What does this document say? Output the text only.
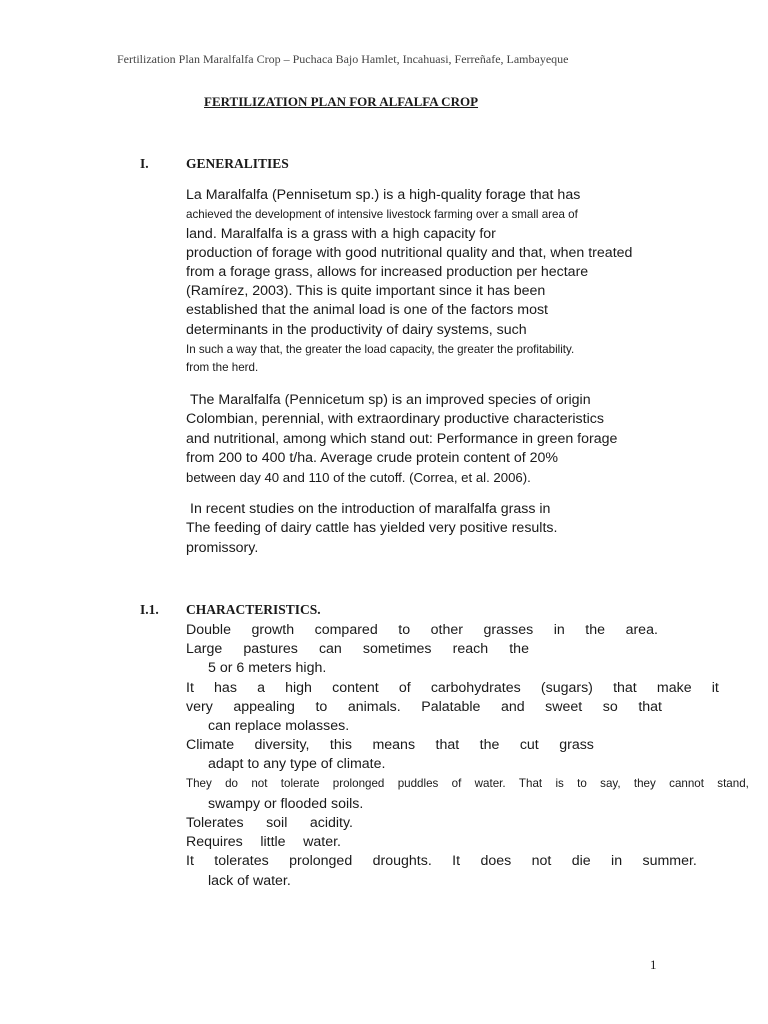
Fertilization Plan Maralfalfa Crop – Puchaca Bajo Hamlet, Incahuasi, Ferreñafe, Lambayeque
FERTILIZATION PLAN FOR ALFALFA CROP
I.	GENERALITIES
La Maralfalfa (Pennisetum sp.) is a high-quality forage that has
achieved the development of intensive livestock farming over a small area of
land. Maralfalfa is a grass with a high capacity for
production of forage with good nutritional quality and that, when treated
from a forage grass, allows for increased production per hectare
(Ramírez, 2003). This is quite important since it has been
established that the animal load is one of the factors most
determinants in the productivity of dairy systems, such
In such a way that, the greater the load capacity, the greater the profitability.
from the herd.
The Maralfalfa (Pennicetum sp) is an improved species of origin
Colombian, perennial, with extraordinary productive characteristics
and nutritional, among which stand out: Performance in green forage
from 200 to 400 t/ha. Average crude protein content of 20%
between day 40 and 110 of the cutoff. (Correa, et al. 2006).
In recent studies on the introduction of maralfalfa grass in
The feeding of dairy cattle has yielded very positive results.
promissory.
I.1. CHARACTERISTICS.
Double growth compared to other grasses in the area.
Large pastures can sometimes reach the
5 or 6 meters high.
It has a high content of carbohydrates (sugars) that make it
very appealing to animals. Palatable and sweet so that
can replace molasses.
Climate diversity, this means that the cut grass
adapt to any type of climate.
They do not tolerate prolonged puddles of water. That is to say, they cannot stand,
swampy or flooded soils.
Tolerates soil acidity.
Requires little water.
It tolerates prolonged droughts. It does not die in summer.
lack of water.
1
